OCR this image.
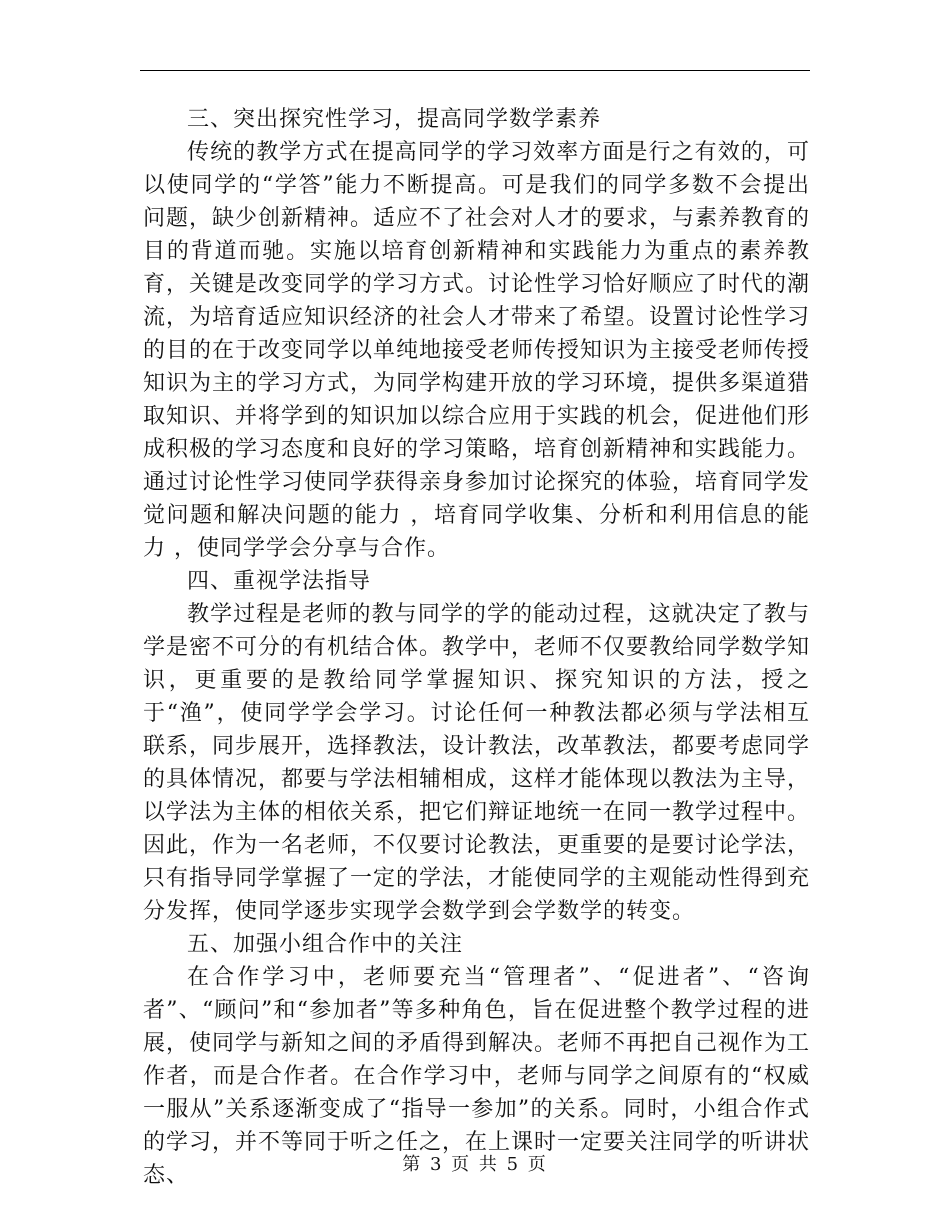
三、突出探究性学习，提高同学数学素养

传统的教学方式在提高同学的学习效率方面是行之有效的，可以使同学的“学答”能力不断提高。可是我们的同学多数不会提出问题，缺少创新精神。适应不了社会对人才的要求，与素养教育的目的背道而驰。实施以培育创新精神和实践能力为重点的素养教育，关键是改变同学的学习方式。讨论性学习恰好顺应了时代的潮流，为培育适应知识经济的社会人才带来了希望。设置讨论性学习的目的在于改变同学以单纯地接受老师传授知识为主接受老师传授知识为主的学习方式，为同学构建开放的学习环境，提供多渠道猎取知识、并将学到的知识加以综合应用于实践的机会，促进他们形成积极的学习态度和良好的学习策略，培育创新精神和实践能力。通过讨论性学习使同学获得亲身参加讨论探究的体验，培育同学发觉问题和解决问题的能力 ，培育同学收集、分析和利用信息的能力 ，使同学学会分享与合作。

四、重视学法指导

教学过程是老师的教与同学的学的能动过程，这就决定了教与学是密不可分的有机结合体。教学中，老师不仅要教给同学数学知识，更重要的是教给同学掌握知识、探究知识的方法，授之于“渔”，使同学学会学习。讨论任何一种教法都必须与学法相互联系，同步展开，选择教法，设计教法，改革教法，都要考虑同学的具体情况，都要与学法相辅相成，这样才能体现以教法为主导，以学法为主体的相依关系，把它们辩证地统一在同一教学过程中。因此，作为一名老师，不仅要讨论教法，更重要的是要讨论学法，只有指导同学掌握了一定的学法，才能使同学的主观能动性得到充分发挥，使同学逐步实现学会数学到会学数学的转变。

五、加强小组合作中的关注

在合作学习中，老师要充当“管理者”、“促进者”、“咨询者”、“顾问”和“参加者”等多种角色，旨在促进整个教学过程的进展，使同学与新知之间的矛盾得到解决。老师不再把自己视作为工作者，而是合作者。在合作学习中，老师与同学之间原有的“权威一服从”关系逐渐变成了“指导一参加”的关系。同时，小组合作式的学习，并不等同于听之任之，在上课时一定要关注同学的听讲状态、	第 3 页 共 5 页
